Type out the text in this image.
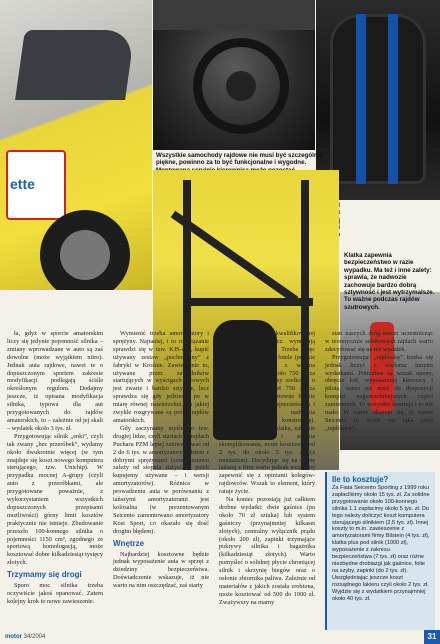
ette
Wszystkie samochody rajdowe nie musi być szczególnie piękne, powinno za to być funkcjonalne i wygodne.
Klatka zapewnia bezpieczeństwo w razie wypadku. Ma też i inne zalety: sprawia, że nadwozie zachowuje bardzo dobrą sztywność i jest wytrzymalsze. To ważne podczas rajdów szutrowych.

ła, gdyż w sporcie amatorskim liczy się jedynie pojemność silnika – zmiany wprowadzane w auto są zaś dowolne (może wyjątkiem nitro). Jednak auta rajdowe, nawet te o dopuszczonym sportem zakresie modyfikacji podlegają ściśle określonym regulom. Dodajmy jeszcze, iż opisana modyfikacja silnika, typowa dla aut przygotowanych do rajdów amatorskich, to – zależnie od jej skali – wydatek około 3 tys. zł.

Przygotowując silnik „enki”, czyli tak zwany „bez przeróbek”, wydamy około dwukrotnie więcej (w tym znajduje się koszt nowego komputera sterującego, tzw. Unichip). W przypadku mocnej A-grupy (czyli auto z przeróbkami, ale przygotowane poważnie, z wykorzystaniem wszystkich dopuszczonych przepisami możliwości) górny limit kosztów praktycznie nie istnieje. Zbudowanie przeszło 100-konnego silnika o pojemności 1150 cm³, zgodnego ze sportową homologacją, może kosztować dobre kilkadziesiąt tysięcy złotych.

Trzymamy się drogi

Sporo moc silnika trzeba oczywiście jakoś opanować. Zatem kolejny krok to nowe zawieszenie.

Wymienić trzeba amortyzatory i sprężyny. Najtaniej, i to rozwiązanie sprawdzi się w tzw. KJS-ach, kupić używany zestaw „pochodzony” z fabryki w Krośnie. Zawieszenie to, używane przez zawodników startujących w wyścigach torowych jest zwarte i bardzo sztywne, lecz sprawdza się gdy jedziemy po w miarę równej nawierzchni, na jakiej zwykle rozgrywane są próby rajdów amatorskich.

Gdy zaczynamy myśleć o tzw. drogiej lidze, czyli startach w rajdach Pucharu PZM lepiej zainwestować od 2 do 6 tys. w amortyzatory Bilstein z dobrymi sprężynami (cena zestawu zależy od stopnia zużycia – jeżeli kupujemy używane – i wersji amortyzatorów). Różnica w prowadzeniu auta w porównaniu z tańszymi amortyzatorami jest kolosalna (w prezentowanym Seicento zamontowano amortyzatory Kosi Sport, co okazało się dość drogim błędem).

Wnętrze

Najbardziej kosztowne będzie jednak wyposażenie auta w sprzęt z dziedziny bezpieczeństwa. Doświadczenie wskazuje, iż nie warto na nim oszczędzać, zaś starty

w jakiejkolwiek kwalifikowanej serii zawodów wręcz wymagają takiego wyposażenia. Trzeba więc kupić dwa kubełkowe fotele (polskie Bimarco wykonane z włókna szklanego kosztują około 750 zł za sztukę) i szelkowe pasy szelkowe o szerokości 3 cali (od 750 zł za sztukę). Równie kosztowne będzie zbudowanie klatki bezpieczeństwa i obsposażenie nadwozia (wzmacniające jego konstrukcję). Zgodna z przepisami klatka, zależnie od producenta i stopnia skomplikowania, może kosztować od 2 tys. do około 5 tys. zł (z montażem). Decydując się na ofertę tańszej z firm warto jednak wcześniej zapewnić się z opiniami kolegów-rajdowców. Wszak to element, który ratuje życie.

Na koniec pozostają już całkiem drobne wydatki: dwie gaśnice (po około 70 zł sztuka) lub system gaśniczy (przynajmniej kilkaset złotych), centralny wyłącznik prądu (około 200 zł), zapinki trzymające pokrywy silnika i bagażnika (kilkadziesiąt złotych). Warto pomyśleć o solidnej płycie chroniącej silnik i skrzynię biegów oraz o osłonie zbiornika paliwa. Zależnie od materiałów z jakich została zrobiona, może kosztować od 500 do 1000 zł. Zważywszy na marny

stan naszych dróg nawet uczestnicząc w teoretycznie asfaltowych rajdach warto zdecydować się na ten wydatek.

Przygotowując „rajdówkę” trzeba się jednak liczyć z wieloma innymi wydatkami. Potrzebne są wszak opony, obręcze kół, wyposażenie kierowcy i pilota, warto też mieć do dyspozycji komplet najpotrzebniejszych części zamiennych. To wszystko kosztuje i to nie mało. W sumie okazuje się, iż nawet Seicento to wcale nie taka tania „rajdówka”.

Ile to kosztuje?
Za Fiata Seicento Sporting z 1999 roku zapłaciliśmy około 15 tys. zł. Za solidne przygotowanie około 100-konnego silnika 1.1 zapłacimy około 5 tys. zł. Do tego należy doliczyć koszt komputera sterującego silnikiem (2,5 tys. zł). Innej koszty to m.in. zawieszenie z amortyzatorami firmy Bilstein (4 tys. zł), klatka plus pod silnik (1000 zł), wyposażenie z zakresu bezpieczeństwa (7 tys. zł) oraz różne niezbędne drobiazgi jak gaśnice, folie na szyby, zapinki (do 2 tys. zł). Uwzględniając jeszcze koszt rozsądnego lakieru czyli około 2 tys. zł. Wyjdzie się z wydatkiem przynajmniej około 40 tys. zł.
motor 34/2004	31
